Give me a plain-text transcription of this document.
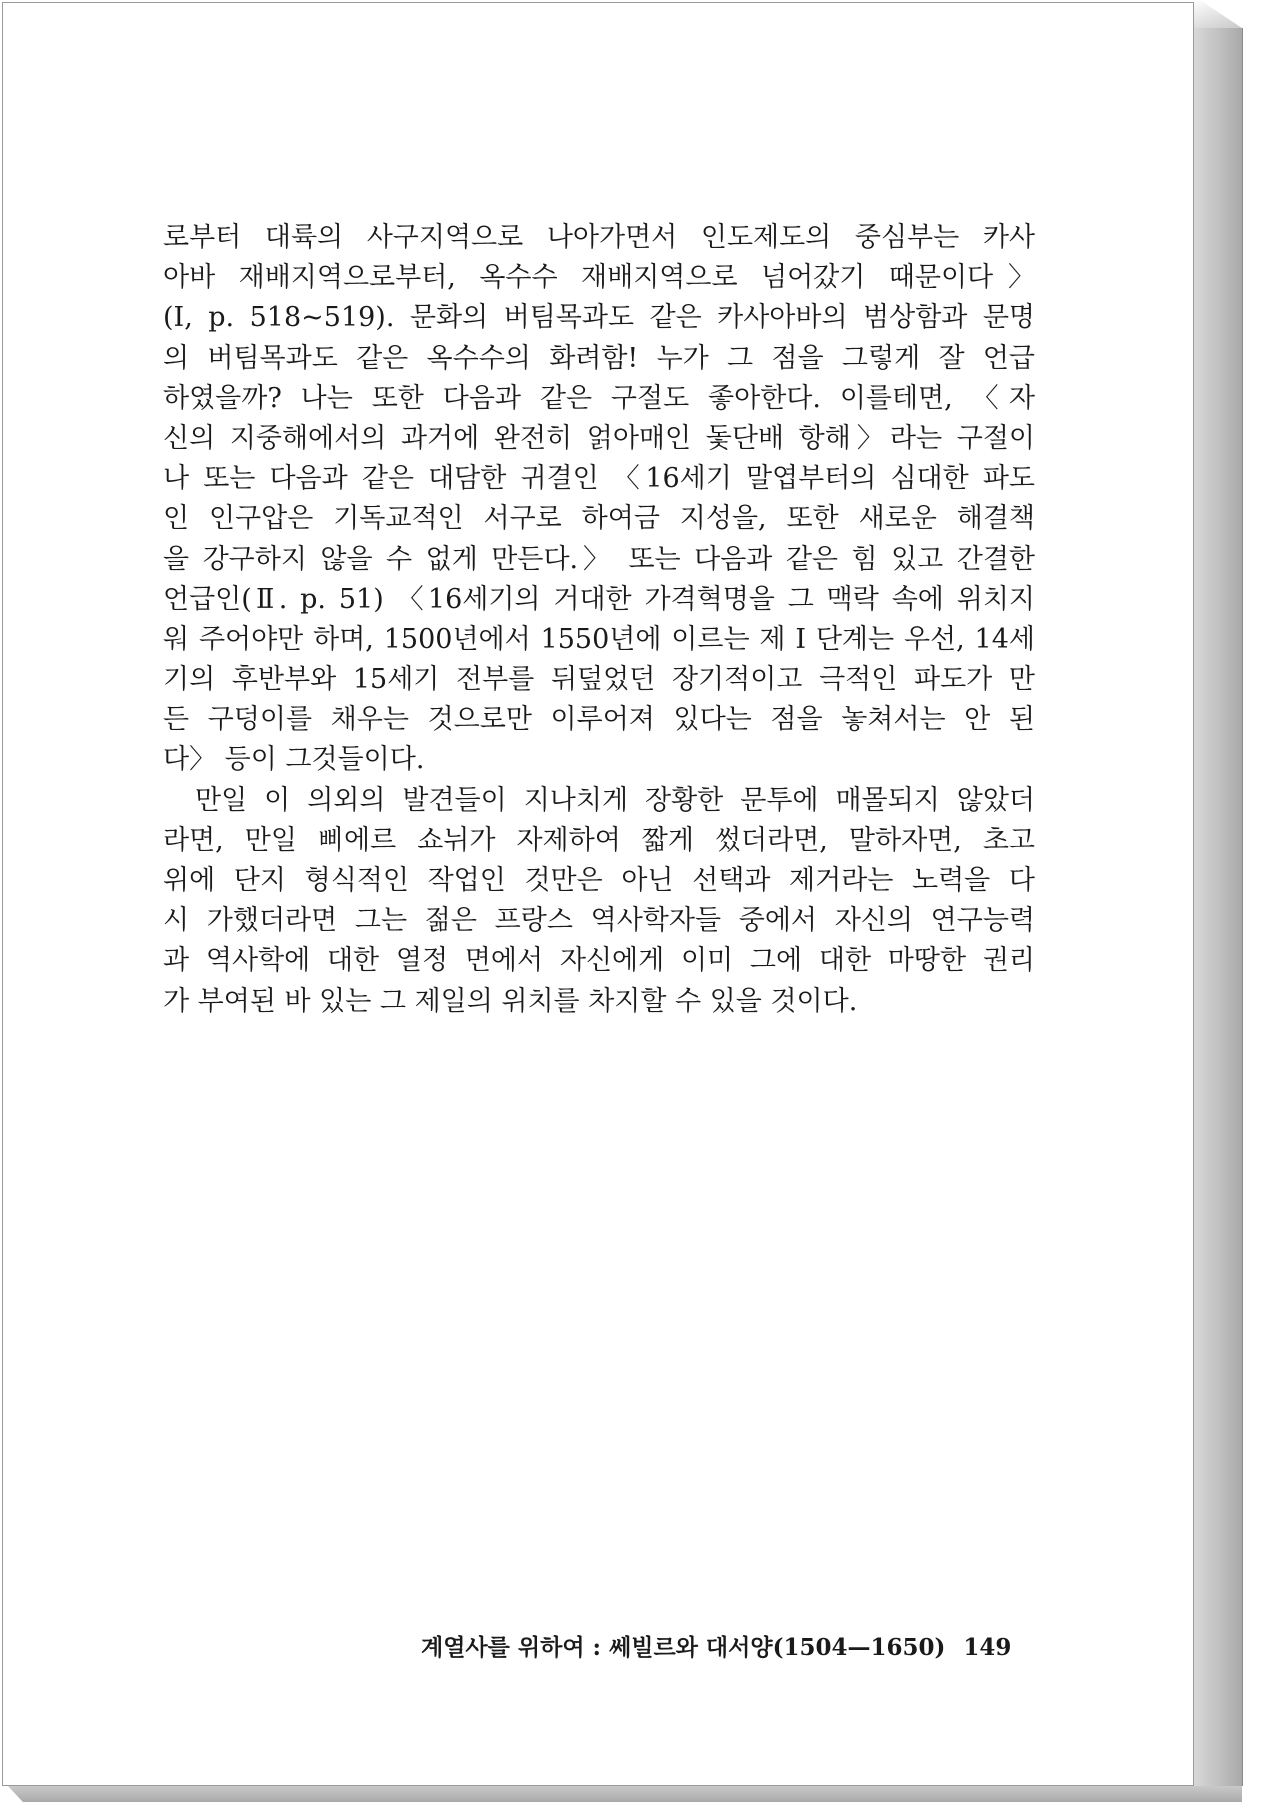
로부터 대륙의 사구지역으로 나아가면서 인도제도의 중심부는 카사
아바 재배지역으로부터, 옥수수 재배지역으로 넘어갔기 때문이다〉
(I, p. 518~519). 문화의 버팀목과도 같은 카사아바의 범상함과 문명
의 버팀목과도 같은 옥수수의 화려함! 누가 그 점을 그렇게 잘 언급
하였을까? 나는 또한 다음과 같은 구절도 좋아한다. 이를테면, 〈자
신의 지중해에서의 과거에 완전히 얽아매인 돛단배 항해〉라는 구절이
나 또는 다음과 같은 대담한 귀결인 〈16세기 말엽부터의 심대한 파도
인 인구압은 기독교적인 서구로 하여금 지성을, 또한 새로운 해결책
을 강구하지 않을 수 없게 만든다.〉 또는 다음과 같은 힘 있고 간결한
언급인(Ⅱ. p. 51) 〈16세기의 거대한 가격혁명을 그 맥락 속에 위치지
워 주어야만 하며, 1500년에서 1550년에 이르는 제 I 단계는 우선, 14세
기의 후반부와 15세기 전부를 뒤덮었던 장기적이고 극적인 파도가 만
든 구덩이를 채우는 것으로만 이루어져 있다는 점을 놓쳐서는 안 된
다〉 등이 그것들이다.
만일 이 의외의 발견들이 지나치게 장황한 문투에 매몰되지 않았더
라면, 만일 삐에르 쇼뉘가 자제하여 짧게 썼더라면, 말하자면, 초고
위에 단지 형식적인 작업인 것만은 아닌 선택과 제거라는 노력을 다
시 가했더라면 그는 젊은 프랑스 역사학자들 중에서 자신의 연구능력
과 역사학에 대한 열정 면에서 자신에게 이미 그에 대한 마땅한 권리
가 부여된 바 있는 그 제일의 위치를 차지할 수 있을 것이다.
계열사를 위하여 : 쎄빌르와 대서양(1504—1650) 149
